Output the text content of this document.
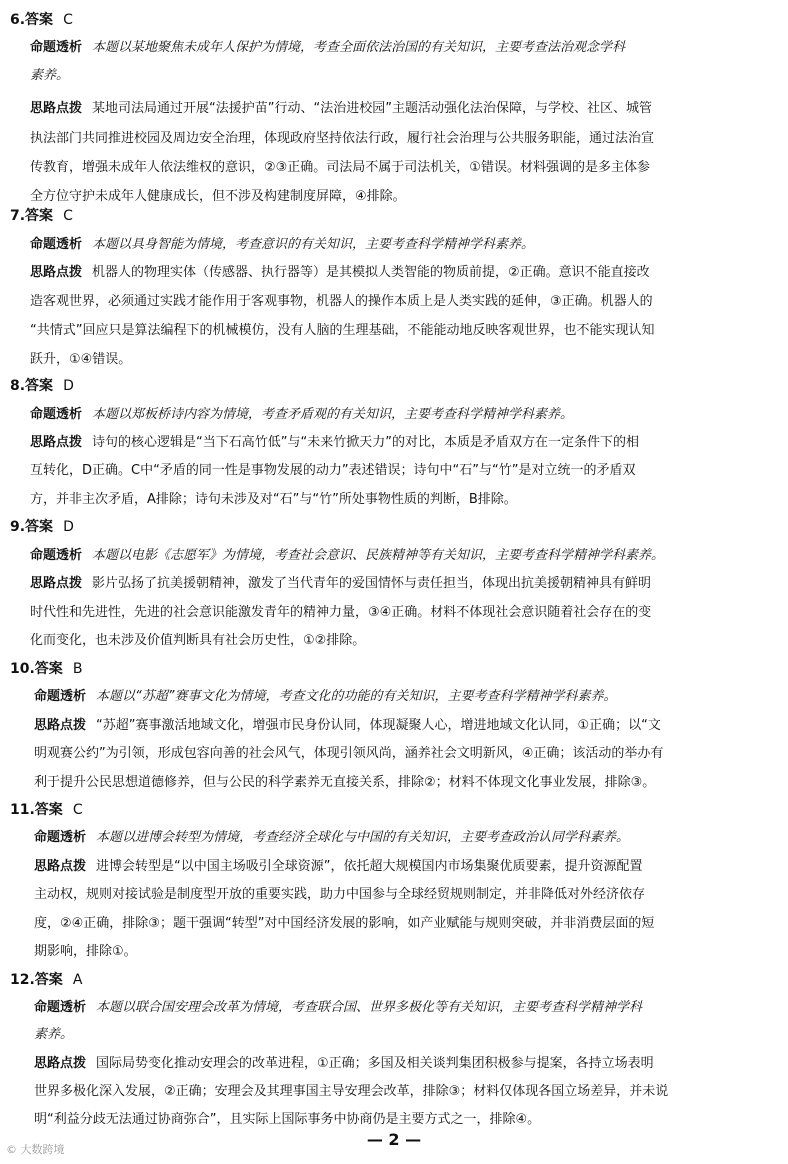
6.答案 C
命题透析 本题以某地聚焦未成年人保护为情境，考查全面依法治国的有关知识，主要考查法治观念学科
素养。
思路点拨 某地司法局通过开展“法援护苗”行动、“法治进校园”主题活动强化法治保障，与学校、社区、城管
执法部门共同推进校园及周边安全治理，体现政府坚持依法行政，履行社会治理与公共服务职能，通过法治宣
传教育，增强未成年人依法维权的意识，②③正确。司法局不属于司法机关，①错误。材料强调的是多主体参
全方位守护未成年人健康成长，但不涉及构建制度屏障，④排除。
7.答案 C
命题透析 本题以具身智能为情境，考查意识的有关知识，主要考查科学精神学科素养。
思路点拨 机器人的物理实体（传感器、执行器等）是其模拟人类智能的物质前提，②正确。意识不能直接改
造客观世界，必须通过实践才能作用于客观事物，机器人的操作本质上是人类实践的延伸，③正确。机器人的
“共情式”回应只是算法编程下的机械模仿，没有人脑的生理基础，不能能动地反映客观世界，也不能实现认知
跃升，①④错误。
8.答案 D
命题透析 本题以郑板桥诗内容为情境，考查矛盾观的有关知识，主要考查科学精神学科素养。
思路点拨 诗句的核心逻辑是“当下石高竹低”与“未来竹掀天力”的对比，本质是矛盾双方在一定条件下的相
互转化，D正确。C中“矛盾的同一性是事物发展的动力”表述错误；诗句中“石”与“竹”是对立统一的矛盾双
方，并非主次矛盾，A排除；诗句未涉及对“石”与“竹”所处事物性质的判断，B排除。
9.答案 D
命题透析 本题以电影《志愿军》为情境，考查社会意识、民族精神等有关知识，主要考查科学精神学科素养。
思路点拨 影片弘扬了抗美援朝精神，激发了当代青年的爱国情怀与责任担当，体现出抗美援朝精神具有鲜明
时代性和先进性，先进的社会意识能激发青年的精神力量，③④正确。材料不体现社会意识随着社会存在的变
化而变化，也未涉及价值判断具有社会历史性，①②排除。
10.答案 B
命题透析 本题以“苏超”赛事文化为情境，考查文化的功能的有关知识，主要考查科学精神学科素养。
思路点拨 “苏超”赛事激活地域文化，增强市民身份认同，体现凝聚人心，增进地域文化认同，①正确；以“文
明观赛公约”为引领，形成包容向善的社会风气，体现引领风尚，涵养社会文明新风，④正确；该活动的举办有
利于提升公民思想道德修养，但与公民的科学素养无直接关系，排除②；材料不体现文化事业发展，排除③。
11.答案 C
命题透析 本题以进博会转型为情境，考查经济全球化与中国的有关知识，主要考查政治认同学科素养。
思路点拨 进博会转型是“以中国主场吸引全球资源”，依托超大规模国内市场集聚优质要素，提升资源配置
主动权，规则对接试验是制度型开放的重要实践，助力中国参与全球经贸规则制定，并非降低对外经济依存
度，②④正确，排除③；题干强调“转型”对中国经济发展的影响，如产业赋能与规则突破，并非消费层面的短
期影响，排除①。
12.答案 A
命题透析 本题以联合国安理会改革为情境，考查联合国、世界多极化等有关知识，主要考查科学精神学科
素养。
思路点拨 国际局势变化推动安理会的改革进程，①正确；多国及相关谈判集团积极参与提案，各持立场表明
世界多极化深入发展，②正确；安理会及其理事国主导安理会改革，排除③；材料仅体现各国立场差异，并未说
明“利益分歧无法通过协商弥合”，且实际上国际事务中协商仍是主要方式之一，排除④。
— 2 —
© 大数跨境
